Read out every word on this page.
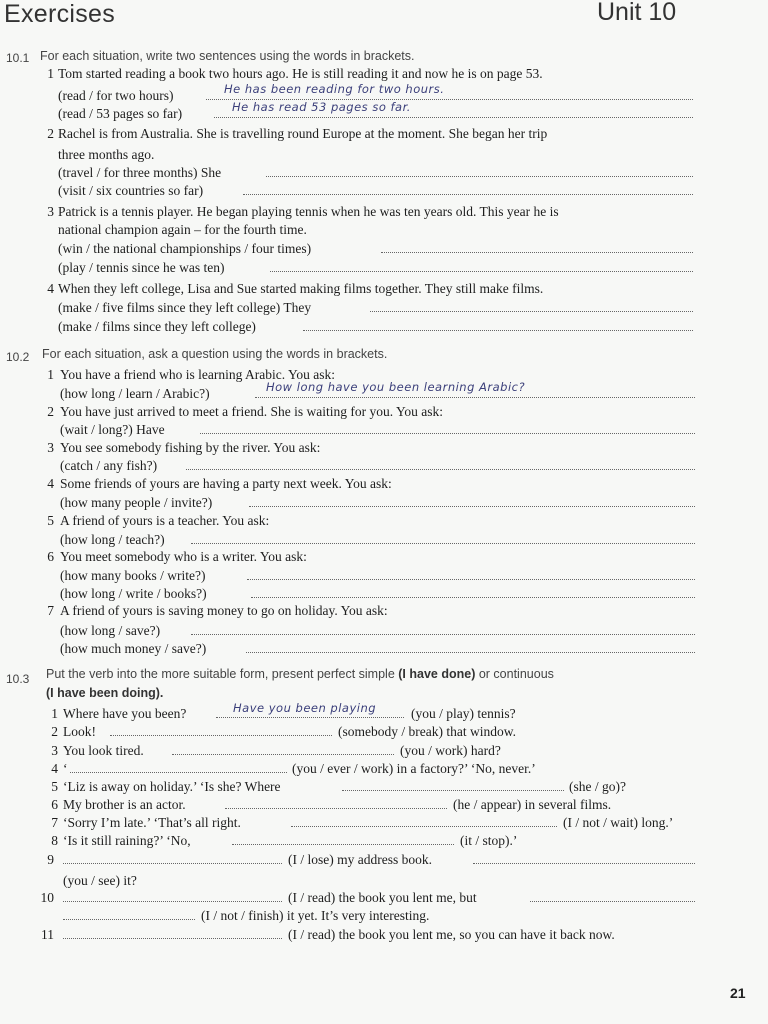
Exercises	Unit 10
10.1 For each situation, write two sentences using the words in brackets.
1 Tom started reading a book two hours ago. He is still reading it and now he is on page 53.
(read / for two hours)	He has been reading for two hours.
(read / 53 pages so far)	He has read 53 pages so far.
2 Rachel is from Australia. She is travelling round Europe at the moment. She began her trip
three months ago.
(travel / for three months) She
(visit / six countries so far)
3 Patrick is a tennis player. He began playing tennis when he was ten years old. This year he is
national champion again – for the fourth time.
(win / the national championships / four times)
(play / tennis since he was ten)
4 When they left college, Lisa and Sue started making films together. They still make films.
(make / five films since they left college) They
(make / films since they left college)
10.2 For each situation, ask a question using the words in brackets.
1 You have a friend who is learning Arabic. You ask:
(how long / learn / Arabic?)	How long have you been learning Arabic?
2 You have just arrived to meet a friend. She is waiting for you. You ask:
(wait / long?) Have
3 You see somebody fishing by the river. You ask:
(catch / any fish?)
4 Some friends of yours are having a party next week. You ask:
(how many people / invite?)
5 A friend of yours is a teacher. You ask:
(how long / teach?)
6 You meet somebody who is a writer. You ask:
(how many books / write?)
(how long / write / books?)
7 A friend of yours is saving money to go on holiday. You ask:
(how long / save?)
(how much money / save?)
10.3 Put the verb into the more suitable form, present perfect simple (I have done) or continuous
(I have been doing).
1 Where have you been?	Have you been playing	(you / play) tennis?
2 Look!	(somebody / break) that window.
3 You look tired.	(you / work) hard?
4 ‘	(you / ever / work) in a factory?’ ‘No, never.’
5 ‘Liz is away on holiday.’ ‘Is she? Where	(she / go)?
6 My brother is an actor.	(he / appear) in several films.
7 ‘Sorry I’m late.’ ‘That’s all right.	(I / not / wait) long.’
8 ‘Is it still raining?’ ‘No,	(it / stop).’
9	(I / lose) my address book.
(you / see) it?
10	(I / read) the book you lent me, but
(I / not / finish) it yet. It’s very interesting.
11	(I / read) the book you lent me, so you can have it back now.
21
